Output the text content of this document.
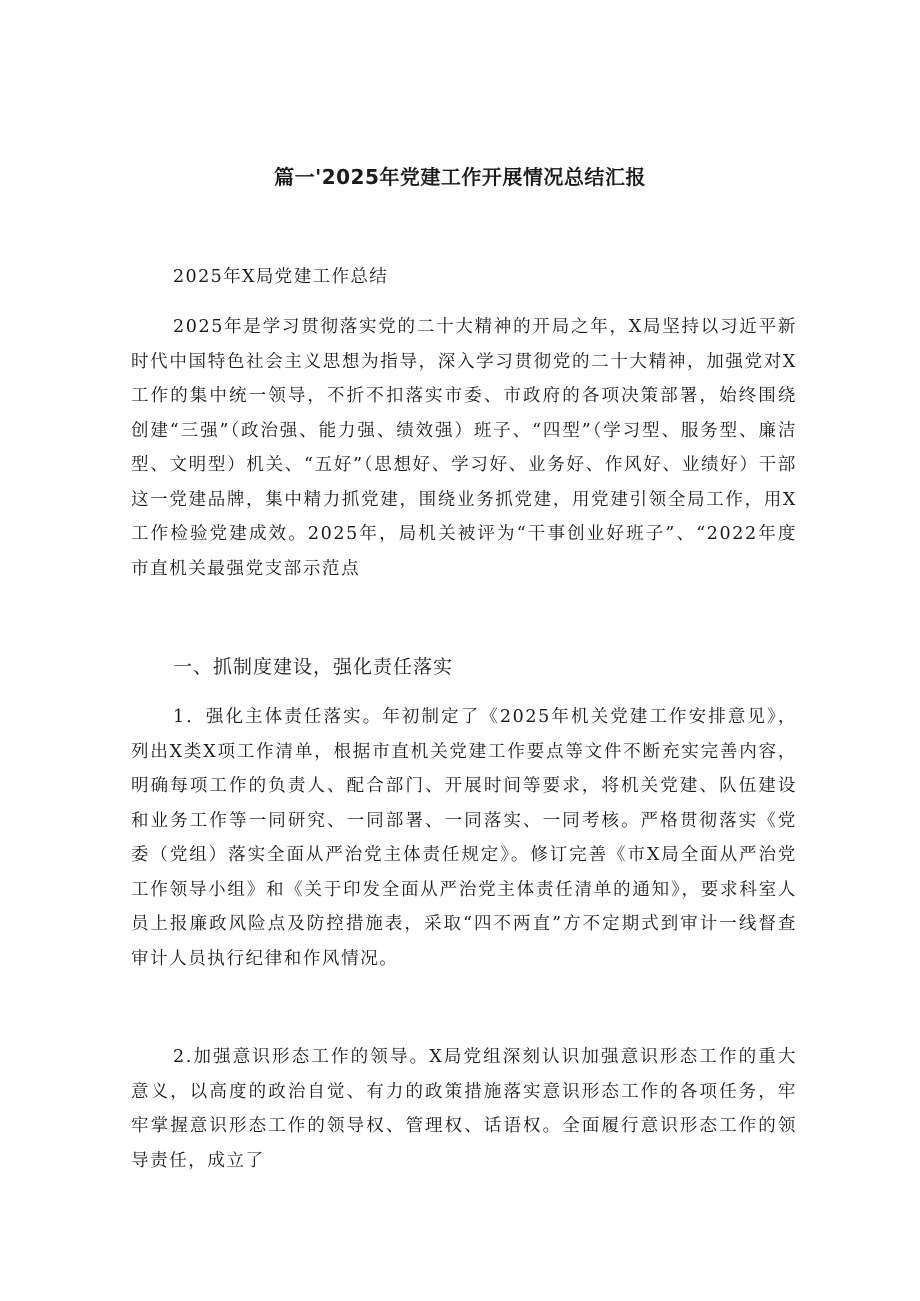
篇一'2025年党建工作开展情况总结汇报
2025年X局党建工作总结

2025年是学习贯彻落实党的二十大精神的开局之年，X局坚持以习近平新时代中国特色社会主义思想为指导，深入学习贯彻党的二十大精神，加强党对X工作的集中统一领导，不折不扣落实市委、市政府的各项决策部署，始终围绕创建“三强”（政治强、能力强、绩效强）班子、“四型”（学习型、服务型、廉洁型、文明型）机关、“五好”（思想好、学习好、业务好、作风好、业绩好）干部这一党建品牌，集中精力抓党建，围绕业务抓党建，用党建引领全局工作，用X工作检验党建成效。2025年，局机关被评为“干事创业好班子”、“2022年度市直机关最强党支部示范点

一、抓制度建设，强化责任落实

1．强化主体责任落实。年初制定了《2025年机关党建工作安排意见》，列出X类X项工作清单，根据市直机关党建工作要点等文件不断充实完善内容，明确每项工作的负责人、配合部门、开展时间等要求，将机关党建、队伍建设和业务工作等一同研究、一同部署、一同落实、一同考核。严格贯彻落实《党委（党组）落实全面从严治党主体责任规定》。修订完善《市X局全面从严治党工作领导小组》和《关于印发全面从严治党主体责任清单的通知》，要求科室人员上报廉政风险点及防控措施表，采取“四不两直”方不定期式到审计一线督查审计人员执行纪律和作风情况。

2.加强意识形态工作的领导。X局党组深刻认识加强意识形态工作的重大意义，以高度的政治自觉、有力的政策措施落实意识形态工作的各项任务，牢牢掌握意识形态工作的领导权、管理权、话语权。全面履行意识形态工作的领导责任，成立了
